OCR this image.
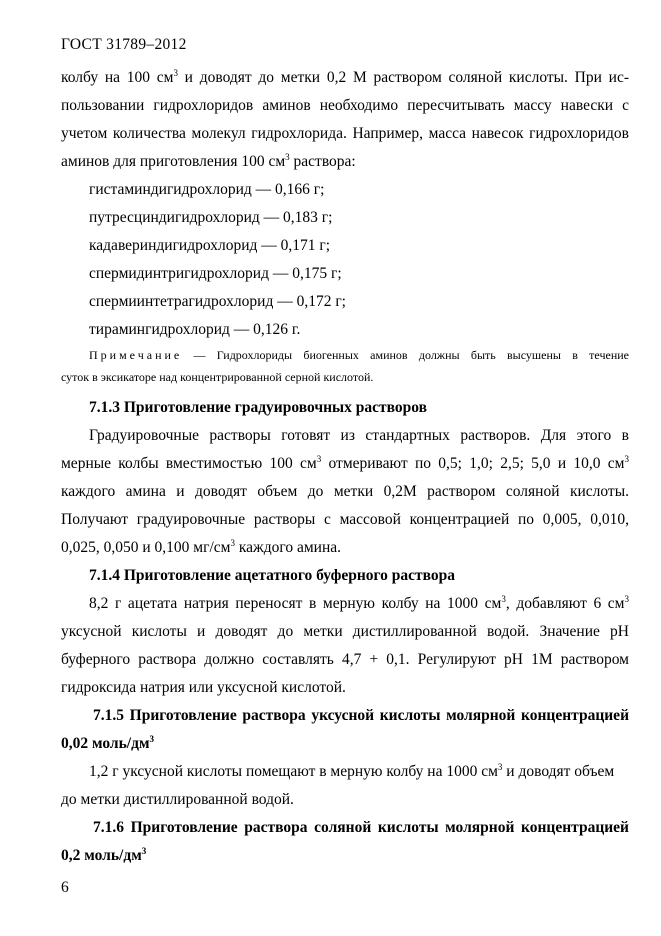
ГОСТ 31789–2012
колбу на 100 $см^3$ и доводят до метки 0,2 М раствором соляной кислоты. При ис-
пользовании гидрохлоридов аминов необходимо пересчитывать массу навески с
учетом количества молекул гидрохлорида. Например, масса навесок гидрохлоридов
аминов для приготовления 100 $см^3$ раствора:
гистаминдигидрохлорид — 0,166 г;
путресциндигидрохлорид — 0,183 г;
кадавериндигидрохлорид — 0,171 г;
спермидинтригидрохлорид — 0,175 г;
спермиинтетрагидрохлорид — 0,172 г;
тирамингидрохлорид — 0,126 г.
Примечание — Гидрохлориды биогенных аминов должны быть высушены в течение
суток в эксикаторе над концентрированной серной кислотой.
7.1.3 Приготовление градуировочных растворов
Градуировочные растворы готовят из стандартных растворов. Для этого в
мерные колбы вместимостью 100 $см^3$ отмеривают по 0,5; 1,0; 2,5; 5,0 и 10,0 $см^3$
каждого амина и доводят объем до метки 0,2М раствором соляной кислоты.
Получают градуировочные растворы с массовой концентрацией по 0,005, 0,010,
0,025, 0,050 и 0,100 $мг/см^3$ каждого амина.
7.1.4 Приготовление ацетатного буферного раствора
8,2 г ацетата натрия переносят в мерную колбу на 1000 $см^3$, добавляют 6 $см^3$
уксусной кислоты и доводят до метки дистиллированной водой. Значение pH
буферного раствора должно составлять 4,7 + 0,1. Регулируют pH 1М раствором
гидроксида натрия или уксусной кислотой.
7.1.5 Приготовление раствора уксусной кислоты молярной концентрацией
0,02 моль/$дм^3$
1,2 г уксусной кислоты помещают в мерную колбу на 1000 $см^3$ и доводят объем
до метки дистиллированной водой.
7.1.6 Приготовление раствора соляной кислоты молярной концентрацией
0,2 моль/$дм^3$
6
